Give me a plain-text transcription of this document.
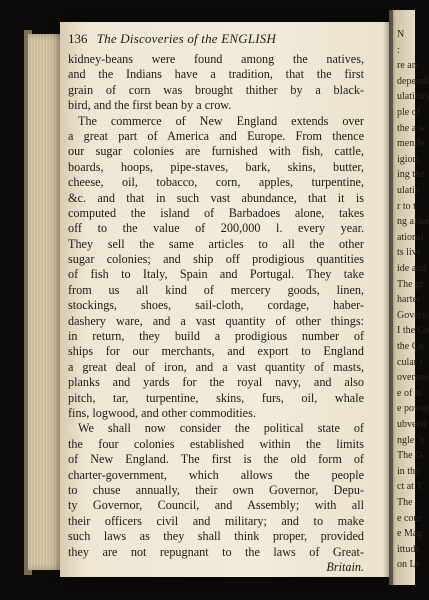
136 The Discoveries of the ENGLISH
kidney-beans were found among the natives,
and the Indians have a tradition, that the first
grain of corn was brought thither by a black-
bird, and the first bean by a crow.
The commerce of New England extends over
a great part of America and Europe. From thence
our sugar colonies are furnished with fish, cattle,
boards, hoops, pipe-staves, bark, skins, butter,
cheese, oil, tobacco, corn, apples, turpentine,
&c. and that in such vast abundance, that it is
computed the island of Barbadoes alone, takes
off to the value of 200,000 l. every year.
They sell the same articles to all the other
sugar colonies; and ship off prodigious quantities
of fish to Italy, Spain and Portugal. They take
from us all kind of mercery goods, linen,
stockings, shoes, sail-cloth, cordage, haber-
dashery ware, and a vast quantity of other things:
in return, they build a prodigious number of
ships for our merchants, and export to England
a great deal of iron, and a vast quantity of masts,
planks and yards for the royal navy, and also
pitch, tar, turpentine, skins, furs, oil, whale
fins, logwood, and other commodities.
We shall now consider the political state of
the four colonies established within the limits
of New England. The first is the old form of
charter-government, which allows the people
to chuse annually, their own Governor, Depu-
ty Governor, Council, and Assembly; with all
their officers civil and military; and to make
such laws as they shall think proper, provided
they are not repugnant to the laws of Great-
Britain.
N
:
re are
dependi
ulations
ple of
the a w
mentle
igion;
ing the
ulatio
r to t
ng alike
ationsl
ts live
ide and
The gr
harter
Govern
I the Co
the Co
cular i
overnor
e of hi
e power
ubversi
ngle, b
The G
in the
ct at T
The
e cour
e Mag
ittude,
on Le
